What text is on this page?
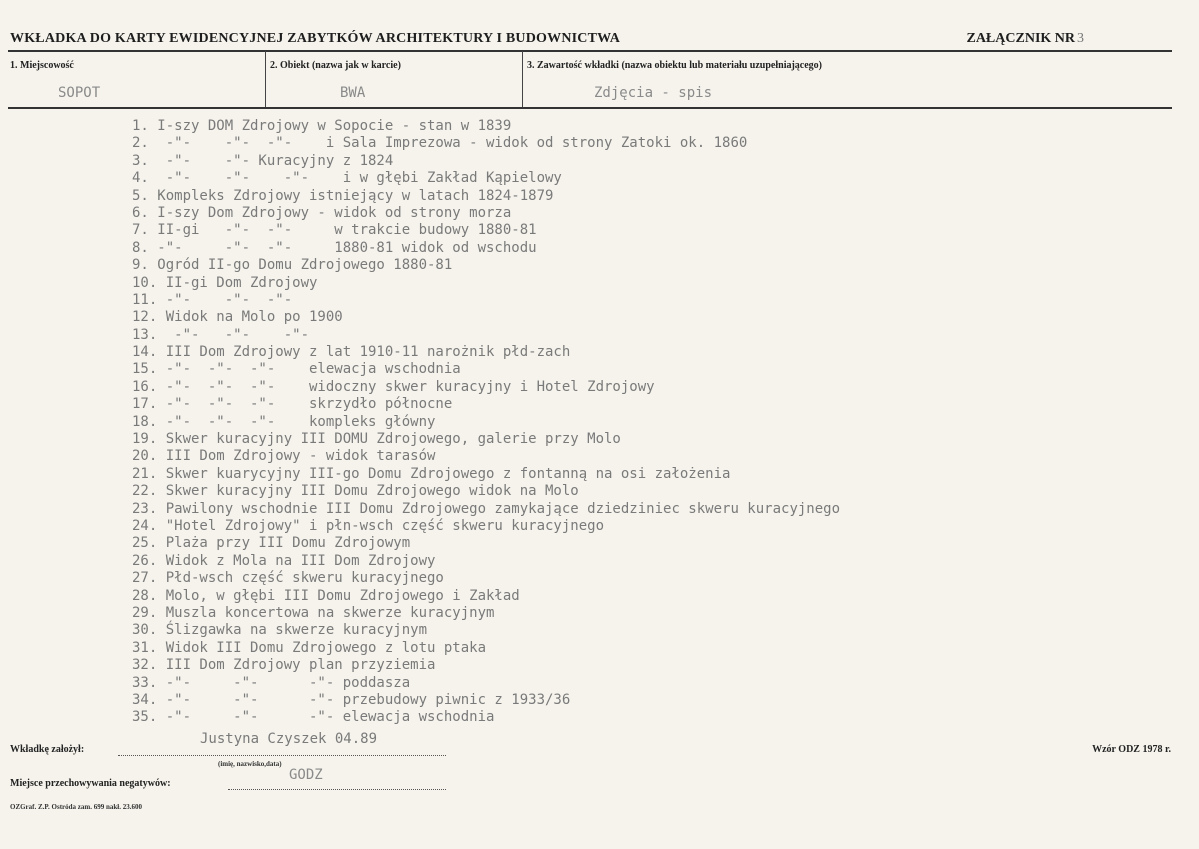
WKŁADKA DO KARTY EWIDENCYJNEJ ZABYTKÓW ARCHITEKTURY I BUDOWNICTWA	ZAŁĄCZNIK NR 3
1. Miejscowość
SOPOT
2. Obiekt (nazwa jak w karcie)
BWA
3. Zawartość wkładki (nazwa obiektu lub materiału uzupełniającego)
Zdjęcia - spis
1. I-szy DOM Zdrojowy w Sopocie - stan w 1839
2.  -"-    -"-  -"-    i Sala Imprezowa - widok od strony Zatoki ok. 1860
3.  -"-    -"- Kuracyjny z 1824
4.  -"-    -"-    -"-    i w głębi Zakład Kąpielowy
5. Kompleks Zdrojowy istniejący w latach 1824-1879
6. I-szy Dom Zdrojowy - widok od strony morza
7. II-gi   -"-  -"-     w trakcie budowy 1880-81
8. -"-     -"-  -"-     1880-81 widok od wschodu
9. Ogród II-go Domu Zdrojowego 1880-81
10. II-gi Dom Zdrojowy
11. -"-    -"-  -"-
12. Widok na Molo po 1900
13.  -"-   -"-    -"-
14. III Dom Zdrojowy z lat 1910-11 narożnik płd-zach
15. -"-  -"-  -"-    elewacja wschodnia
16. -"-  -"-  -"-    widoczny skwer kuracyjny i Hotel Zdrojowy
17. -"-  -"-  -"-    skrzydło północne
18. -"-  -"-  -"-    kompleks główny
19. Skwer kuracyjny III DOMU Zdrojowego, galerie przy Molo
20. III Dom Zdrojowy - widok tarasów
21. Skwer kuarycyjny III-go Domu Zdrojowego z fontanną na osi założenia
22. Skwer kuracyjny III Domu Zdrojowego widok na Molo
23. Pawilony wschodnie III Domu Zdrojowego zamykające dziedziniec skweru kuracyjnego
24. "Hotel Zdrojowy" i płn-wsch część skweru kuracyjnego
25. Plaża przy III Domu Zdrojowym
26. Widok z Mola na III Dom Zdrojowy
27. Płd-wsch część skweru kuracyjnego
28. Molo, w głębi III Domu Zdrojowego i Zakład
29. Muszla koncertowa na skwerze kuracyjnym
30. Ślizgawka na skwerze kuracyjnym
31. Widok III Domu Zdrojowego z lotu ptaka
32. III Dom Zdrojowy plan przyziemia
33. -"-     -"-      -"- poddasza
34. -"-     -"-      -"- przebudowy piwnic z 1933/36
35. -"-     -"-      -"- elewacja wschodnia
Justyna Czyszek 04.89
Wkładkę założył:
(imię, nazwisko,data)
Miejsce przechowywania negatywów:
GODZ
Wzór ODZ 1978 r.
OZGraf. Z.P. Ostróda zam. 699 nakł. 23.600
